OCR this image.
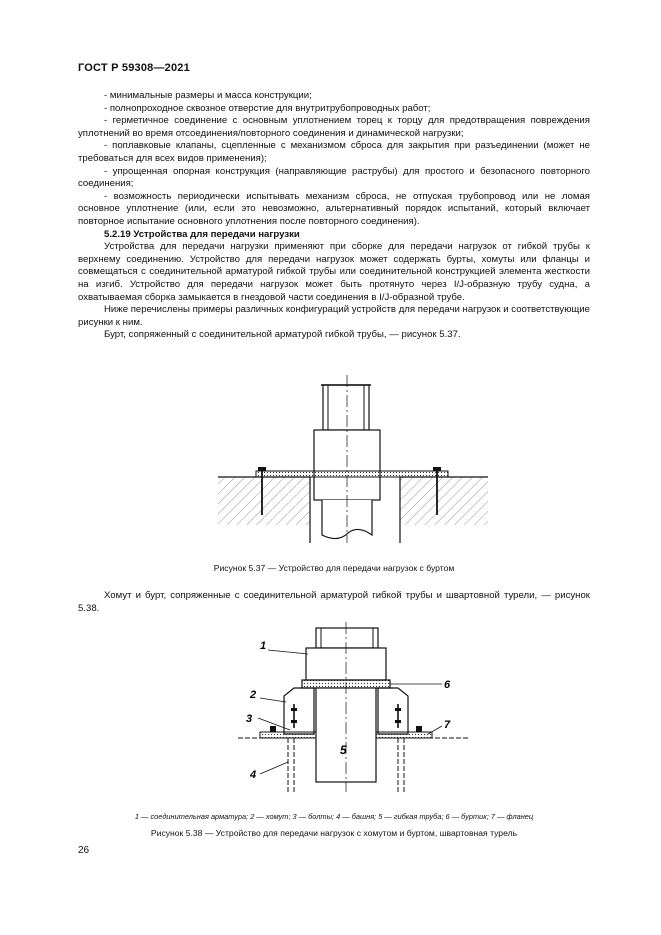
ГОСТ Р 59308—2021

- минимальные размеры и масса конструкции;

- полнопроходное сквозное отверстие для внутритрубопроводных работ;

- герметичное соединение с основным уплотнением торец к торцу для предотвращения повреждения уплотнений во время отсоединения/повторного соединения и динамической нагрузки;

- поплавковые клапаны, сцепленные с механизмом сброса для закрытия при разъединении (может не требоваться для всех видов применения);

- упрощенная опорная конструкция (направляющие раструбы) для простого и безопасного повторного соединения;

- возможность периодически испытывать механизм сброса, не отпуская трубопровод или не ломая основное уплотнение (или, если это невозможно, альтернативный порядок испытаний, который включает повторное испытание основного уплотнения после повторного соединения).

5.2.19 Устройства для передачи нагрузки

Устройства для передачи нагрузки применяют при сборке для передачи нагрузок от гибкой трубы к верхнему соединению. Устройство для передачи нагрузок может содержать бурты, хомуты или фланцы и совмещаться с соединительной арматурой гибкой трубы или соединительной конструкцией элемента жесткости на изгиб. Устройство для передачи нагрузок может быть протянуто через I/J-образную трубу судна, а охватываемая сборка замыкается в гнездовой части соединения в I/J-образной трубе.

Ниже перечислены примеры различных конфигураций устройств для передачи нагрузок и соответствующие рисунки к ним.

Бурт, сопряженный с соединительной арматурой гибкой трубы, — рисунок 5.37.

Рисунок 5.37 — Устройство для передачи нагрузок с буртом

Хомут и бурт, сопряженные с соединительной арматурой гибкой трубы и швартовной турели, — рисунок 5.38.

1
2
3
4
5
6
7
1 — соединительная арматура; 2 — хомут; 3 — болты; 4 — башня; 5 — гибкая труба; 6 — буртик; 7 — фланец
Рисунок 5.38 — Устройство для передачи нагрузок с хомутом и буртом, швартовная турель
26
